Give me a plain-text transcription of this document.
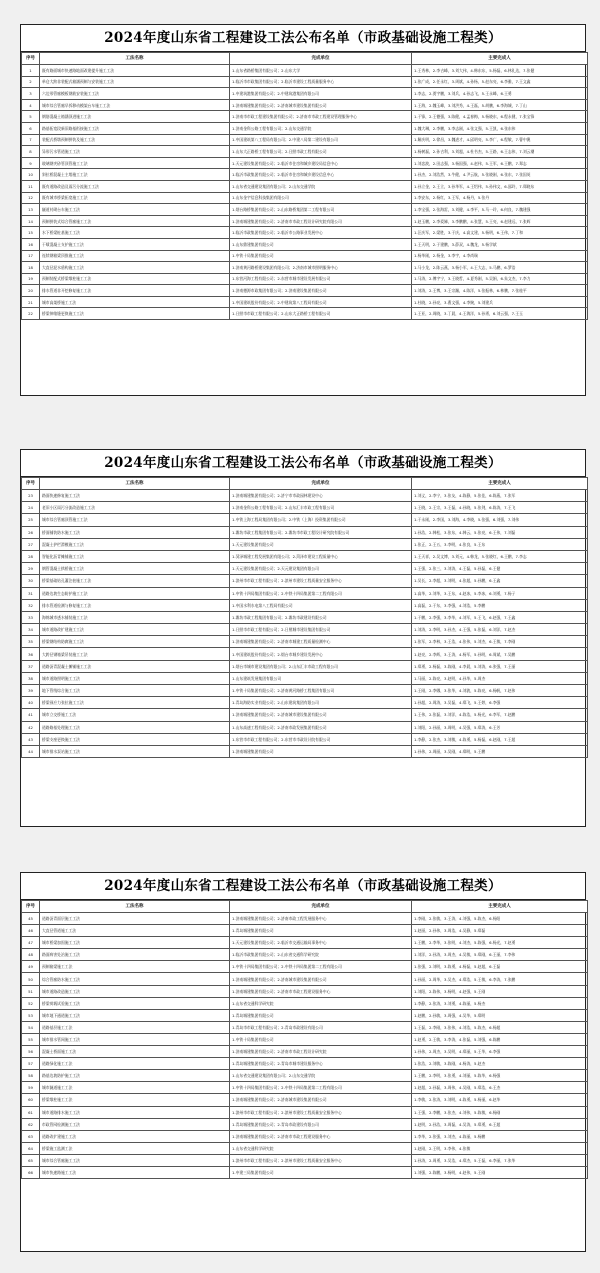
2024年度山东省工程建设工法公布名单（市政基础设施工程类）
序号	工法名称	完成单位	主要完成人
1	既有路面城市快速路地面改建提升施工工法	1.山东省路桥集团有限公司；2.山东大学	1.王秀林，2.李吉峰，3.刘大伟，4.韩东东，5.杨磊，6.林礼达，7.张健
2	单仓大跨非装配式箱涵预制与安装施工工法	1.临沂市市政集团有限公司；2.临沂市建设工程质量服务中心	1.张广成，2.任永红，3.周斌，4.孙杨，5.赵东亮，6.李雅，7.王文鑫
3	六边形管廊模板钢筋安装施工工法	1.中建筑港集团有限公司；2.中建筑港集团有限公司	1.李志，2.贾宇鹏，3.刘兵，4.孙志飞，5.王永峰，6.王勇
4	城市综合管廊早拆移动模架台车施工工法	1.济南城建集团有限公司；2.济南城市建设集团有限公司	1.王海，2.魏玉峰，3.刘洪秀，4.王磊，5.胡鹏，6.李海城，7.丁山
5	钢筋混凝土箱涵顶进施工工法	1.济南市市政工程建设集团有限公司；2.济南市市政工程建设管理服务中心	1.于锋，2.王德强，3.陈健，4.孟春梅，5.杨晓东，6.程永健，7.张宝锋
6	路基拓宽段新旧路基衔接施工工法	1.济南金科公路工程有限公司；2.山东交通学院	1.魏大琳，2.李鹏，3.李志刚，4.张文强，5.王凯，6.张东伟
7	装配式桥墩预制拼装及施工工法	1.中国建筑第八工程局有限公司；2.中建八局第二建设有限公司	1.解庆明，2.徐昌，3.魏进才，4.邱明亮，5.李广，6.程敏，7.曹中澳
8	异形污水管道施工工法	1.山东大正路桥工程有限公司；2.日照市政工程有限公司	1.杨树磊，2.孙吉利，3.刘超，4.杜书杰，5.王路，6.王志伟，7.刘云潮
9	玻璃钢夹砂管顶管施工工法	1.天元建设集团有限公司；2.临沂市住房和城乡建设局信息中心	1.刘忠波，2.田志强，3.杨国强，4.赵伟，5.王军，6.王鹏，7.郑志
10	斜拉桥混凝土主塔施工工法	1.临沂市政集团有限公司；2.临沂市住房和城乡建设信息中心	1.孙杰，2.刘浩然，3.牛健，4.尹云航，5.张晓刚，6.张东，7.张国英
11	既有道路改造及雨污分流施工工法	1.山东省交通建设集团有限公司；2.山东交通学院	1.孙立金，2.王立，3.孙华军，4.王绍伟，5.孙伟文，6.邵玲，7.郑晓东
12	既有城市桥梁拓宽施工工法	1.山东金宇信息科技集团有限公司	1.李安东，2.杨红，3.王军，4.杨丹，5.张丹
13	隧道衬砌台车施工工法	1.烟台路桥集团有限公司；2.山东路桥集团第二工程有限公司	1.李宝强，2.张海雷，3.刘健，4.李平，5.马一玲，6.何良，7.魏建强
14	预制拼装式综合管廊施工工法	1.济南城建集团有限公司；2.济南市市政工程设计研究院有限公司	1.赵玉鹏，2.李爱娣，3.李鹏鹏，4.张慧，5.王亮，6.赵建远，7.张辉
15	水下桥梁桩基施工工法	1.临沂市政集团有限公司；2.临沂市公路事业发展中心	1.汪庆军，2.梁胜，3.于庆，4.高文建，5.杨明，6.王伟，7.丁和
16	干喷混凝土支护施工工法	1.山东鼎建集团有限公司	1.王天明，2.于建鹏，3.薛双，4.魏龙，5.杨学斌
17	连续钢箱梁顶推施工工法	1.中铁十局集团有限公司	1.杨华刚，2.杨金，3.李宇，4.李尚瑞
18	大直径泥水盾构施工工法	1.济南黄河路桥建设集团有限公司；2.济南市城市照明服务中心	1.马小龙，2.陈云燕，3.杨小军，4.王大志，5.马鹏，6.罗浩
19	预制装配式桥梁墩柱施工工法	1.东营河海工程有限公司；2.东营市城市建设发展有限公司	1.马涛，2.傅宇宁，3.王晓哲，4.夏秀刚，5.吴娟，6.朱文杰，7.李力
20	排水管道非开挖修复施工工法	1.济南德源市政集团有限公司；2.济南建设集团有限公司	1.刘涛，2.王博，3.王宗瀚，4.陈洋，5.张振林，6.林鹏，7.张桂平
21	城市高架桥施工工法	1.中国建筑股份有限公司；2.中建筑第八工程局有限公司	1.杜晓，2.孙亮，3.曹文强，4.李婉，5.刘建兵
22	桥梁伸缩缝更换施工工法	1.日照市市政工程有限公司；2.山东大正路桥工程有限公司	1.王亚，2.周晓，3.丁晨，4.王海洋，5.孙勇，6.刘云强，7.王玉
2024年度山东省工程建设工法公布名单（市政基础设施工程类）
序号	工法名称	完成单位	主要完成人
23	路面快速修复施工工法	1.济南城建集团有限公司；2.济宁市市政园林建设中心	1.刘义，2.李宁，3.张友，4.陈静，5.张佳，6.陈燕，7.张军
24	老旧小区雨污分流改造施工工法	1.济南金科公路工程有限公司；2.山东汇丰市政工程有限公司	1.王晓，2.王宗，3.王磊，4.孙晓，5.张剑，6.陈涛，7.王飞
25	城市综合管廊顶管施工工法	1.中铁上海工程局集团有限公司；2.中铁（上海）投资集团有限公司	1.于永刚，2.李国，3.刘海，4.李晓，5.张强，6.刘强，7.刘伟
26	桥面铺装防水施工工法	1.潍坊市政工程集团有限公司；2.潍坊市市政工程设计研究院有限公司	1.孙浩，2.韩松，3.张东，4.韩云，5.张亮，6.王伟，7.刘磊
27	混凝土护栏滑模施工工法	1.天元建设集团有限公司	1.张正，2.王五，3.李明，4.张良，5.王东
28	智能化沥青摊铺施工工法	1.菏泽城建工程发展集团有限公司；2.菏泽市建设工程质量中心	1.王天祥，2.吴文博，3.刘元，4.韩龙，5.张晓红，6.王鹏，7.李志
29	钢管混凝土拱桥施工工法	1.天元建设集团有限公司；2.天元建设集团有限公司	1.王强，2.张三，3.刘涛，4.王磊，5.孙磊，6.王健
30	桥梁基础钻孔灌注桩施工工法	1.滨州市市政工程有限公司；2.滨州市建设工程质量安全服务中心	1.吴长，2.李超，3.刘明，4.张超，5.孙鹏，6.王鑫
31	道路边坡生态防护施工工法	1.中铁十四局集团有限公司；2.中铁十四局集团第二工程有限公司	1.高华，2.刘华，3.王东，4.赵冰，5.李冰，6.刘勇，7.杨子
32	排水管道检测与修复施工工法	1.中国水利水电第八工程局有限公司	1.高磊，2.于东，3.李强，4.刘浩，5.李鹏
33	海绵城市透水铺装施工工法	1.潍坊市政工程集团有限公司；2.潍坊市政建设有限公司	1.于鹏，2.李强，3.李华，4.刘军，5.王飞，6.赵强，7.王鑫
34	城市道路改扩建施工工法	1.日照市市政工程有限公司；2.日照城市建设集团有限公司	1.刘涛，2.李明，3.孙杰，4.王强，5.张磊，6.刘洋，7.赵杰
35	桥梁钢结构防腐施工工法	1.济南城建集团有限公司；2.济南市城建工程质量检测中心	1.张军，2.李林，3.王浩，4.张伟，5.刘杰，6.王敏，7.李刚
36	大跨径钢箱梁吊装施工工法	1.中国建筑股份有限公司；2.烟台市城乡建设发展中心	1.赵亮，2.李辉，3.王涛，4.杨军，5.孙明，6.周斌，7.吴鹏
37	道路沥青混凝土摊铺施工工法	1.烟台市城市建设集团有限公司；2.山东汇丰市政工程有限公司	1.郑勇，2.杨磊，3.陈刚，4.李晨，5.刘涛，6.张强，7.王丽
38	城市道路照明施工工法	1.山东建筑发展集团有限公司	1.马丽，2.陈亮，3.赵明，4.孙华，5.周杰
39	地下管线综合施工工法	1.中铁十局集团有限公司；2.济南黄河路桥工程集团有限公司	1.王刚，2.李娜，3.张华，4.刘波，5.陈亮，6.杨帆，7.赵伟
40	桥梁预应力张拉施工工法	1.青岛海防实业有限公司；2.山东建筑集团有限公司	1.孙超，2.周涛，3.吴磊，4.郑飞，5.王婷，6.李强
41	城市立交桥施工工法	1.济南城建集团有限公司；2.济南城市建设集团有限公司	1.王伟，2.张磊，3.刘洋，4.陈浩，5.杨光，6.李军，7.赵鹏
42	道路路基处理施工工法	1.山东高速工程有限公司；2.济南市政发展集团有限公司	1.刘阳，2.孙丽，3.周明，4.吴强，5.郑涛，6.王芳
43	桥梁支座更换施工工法	1.东营市市政工程有限公司；2.东营市市政设计院有限公司	1.李静，2.张杰，3.刘敏，4.陈勇，5.杨磊，6.赵刚，7.王超
44	城市排水泵站施工工法	1.济南城建集团有限公司	1.孙伟，2.周丽，3.吴刚，4.郑明，5.王鹏
2024年度山东省工程建设工法公布名单（市政基础设施工程类）
序号	工法名称	完成单位	主要完成人
45	道路沥青面层施工工法	1.济南城建集团有限公司；2.济南市政工程发展服务中心	1.李刚，2.张敏，3.王涛，4.刘强，5.陈杰，6.杨阳
46	大直径管道施工工法	1.青岛城建集团有限公司	1.赵丽，2.孙伟，3.周浩，4.吴静，5.郑磊
47	城市桥梁加固施工工法	1.天元建设集团有限公司；2.临沂市交通运输局事务中心	1.王鹏，2.李华，3.张明，4.刘杰，5.陈强，6.杨光，7.赵勇
48	路面病害处治施工工法	1.临沂市政集团有限公司；2.山东省交通科学研究院	1.刘洋，2.孙涛，3.周杰，4.吴敏，5.郑刚，6.王丽，7.李伟
49	预制箱梁施工工法	1.中铁十四局集团有限公司；2.中铁十四局集团第二工程有限公司	1.张强，2.刘明，3.陈勇，4.杨磊，5.赵超，6.王磊
50	综合管廊防水施工工法	1.济南城建集团有限公司；2.济南城市建设集团有限公司	1.孙丽，2.周华，3.吴杰，4.郑浩，5.王敏，6.李涛，7.张鹏
51	城市道路改造施工工法	1.济南城建集团有限公司；2.济南市市政工程建设服务中心	1.刘阳，2.陈伟，3.杨明，4.赵强，5.王刚
52	桥梁荷载试验施工工法	1.山东省交通科学研究院	1.李静，2.张涛，3.刘勇，4.陈丽，5.杨杰
53	城市地下通道施工工法	1.青岛城建集团有限公司	1.赵鹏，2.孙敏，3.周强，4.吴华，5.郑明
54	道路基层施工工法	1.青岛市市政工程有限公司；2.青岛市政建设有限公司	1.王磊，2.李刚，3.张伟，4.刘浩，5.陈杰，6.杨超
55	城市排水管网施工工法	1.中铁十局集团有限公司	1.赵勇，2.王敏，3.李涛，4.张磊，5.刘强，6.陈鹏
56	混凝土桥面施工工法	1.济南城建集团有限公司；2.济南市市政工程设计研究院	1.孙伟，2.周杰，3.吴明，4.郑丽，5.王华，6.李强
57	道路绿化施工工法	1.青岛城建集团有限公司；2.青岛市城市建设服务中心	1.张浩，2.刘敏，3.陈刚，4.杨涛，5.赵杰
58	路基边坡防护施工工法	1.山东省交通建设集团有限公司；2.山东交通学院	1.王鹏，2.李明，3.张勇，4.刘丽，5.陈华，6.杨强
59	城市隧道施工工法	1.中铁十四局集团有限公司；2.中铁十四局集团第二工程有限公司	1.赵超，2.孙磊，3.周伟，4.吴刚，5.郑浩，6.王杰
60	桥梁墩柱施工工法	1.济南城建集团有限公司；2.济南城市建设集团有限公司	1.李敏，2.张涛，3.刘明，4.陈勇，5.杨丽，6.赵华
61	城市道路排水施工工法	1.滨州市市政工程有限公司；2.滨州市建设工程质量安全服务中心	1.王强，2.李鹏，3.张杰，4.刘伟，5.陈敏，6.杨刚
62	市政管网检测施工工法	1.青岛城建集团有限公司；2.青岛市政建设有限公司	1.赵明，2.孙浩，3.周磊，4.吴涛，5.郑勇，6.王超
63	道路改扩建施工工法	1.济南城建集团有限公司；2.济南市市政工程建设服务中心	1.李华，2.张强，3.刘杰，4.陈丽，5.杨鹏
64	桥梁施工监测工法	1.山东省交通科学研究院	1.赵刚，2.王明，3.李伟，4.张敏
65	城市综合管廊施工工法	1.滨州市市政工程有限公司；2.滨州市建设工程质量安全服务中心	1.孙涛，2.周勇，3.吴浩，4.郑杰，5.王磊，6.李丽，7.张华
66	城市快速路施工工法	1.中建三局集团有限公司	1.刘强，2.陈鹏，3.杨明，4.赵伟，5.王刚
